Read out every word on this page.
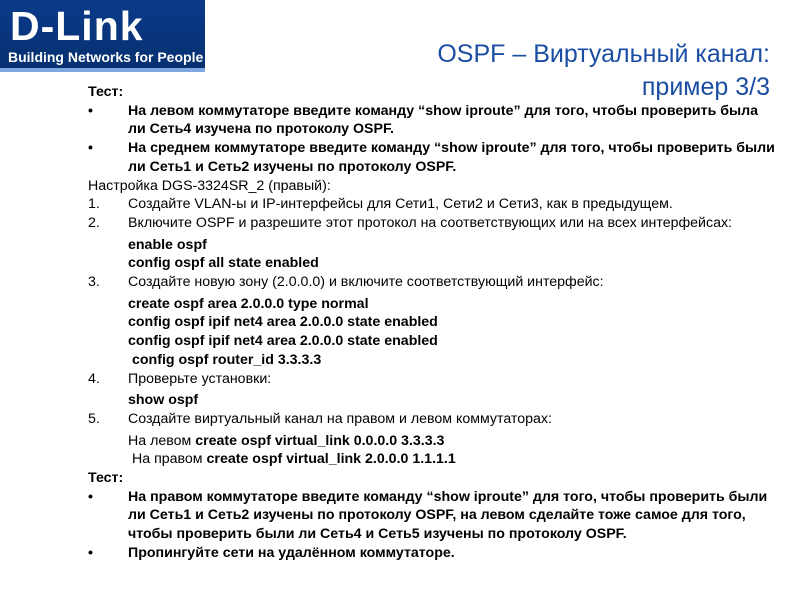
D-Link
Building Networks for People	OSPF – Виртуальный канал:
пример 3/3
Тест:
•	На левом коммутаторе введите команду “show iproute” для того, чтобы проверить была ли Сеть4 изучена по протоколу OSPF.
•	На среднем коммутаторе введите команду “show iproute” для того, чтобы проверить были ли Сеть1 и Сеть2 изучены по протоколу OSPF.
Настройка DGS-3324SR_2 (правый):
1.	Создайте VLAN-ы и IP-интерфейсы для Сети1, Сети2 и Сети3, как в предыдущем.
2.	Включите OSPF и разрешите этот протокол на соответствующих или на всех интерфейсах:
enable ospf
config ospf all state enabled
3.	Создайте новую зону (2.0.0.0) и включите соответствующий интерфейс:
create ospf area 2.0.0.0 type normal
config ospf ipif net4 area 2.0.0.0 state enabled
config ospf ipif net4 area 2.0.0.0 state enabled
config ospf router_id 3.3.3.3
4.	Проверьте установки:
show ospf
5.	Создайте виртуальный канал на правом и левом коммутаторах:
На левом create ospf virtual_link 0.0.0.0 3.3.3.3
На правом create ospf virtual_link 2.0.0.0 1.1.1.1
Тест:
•	На правом коммутаторе введите команду “show iproute” для того, чтобы проверить были ли Сеть1 и Сеть2 изучены по протоколу OSPF, на левом сделайте тоже самое для того, чтобы проверить были ли Сеть4 и Сеть5 изучены по протоколу OSPF.
•	Пропингуйте сети на удалённом коммутаторе.
